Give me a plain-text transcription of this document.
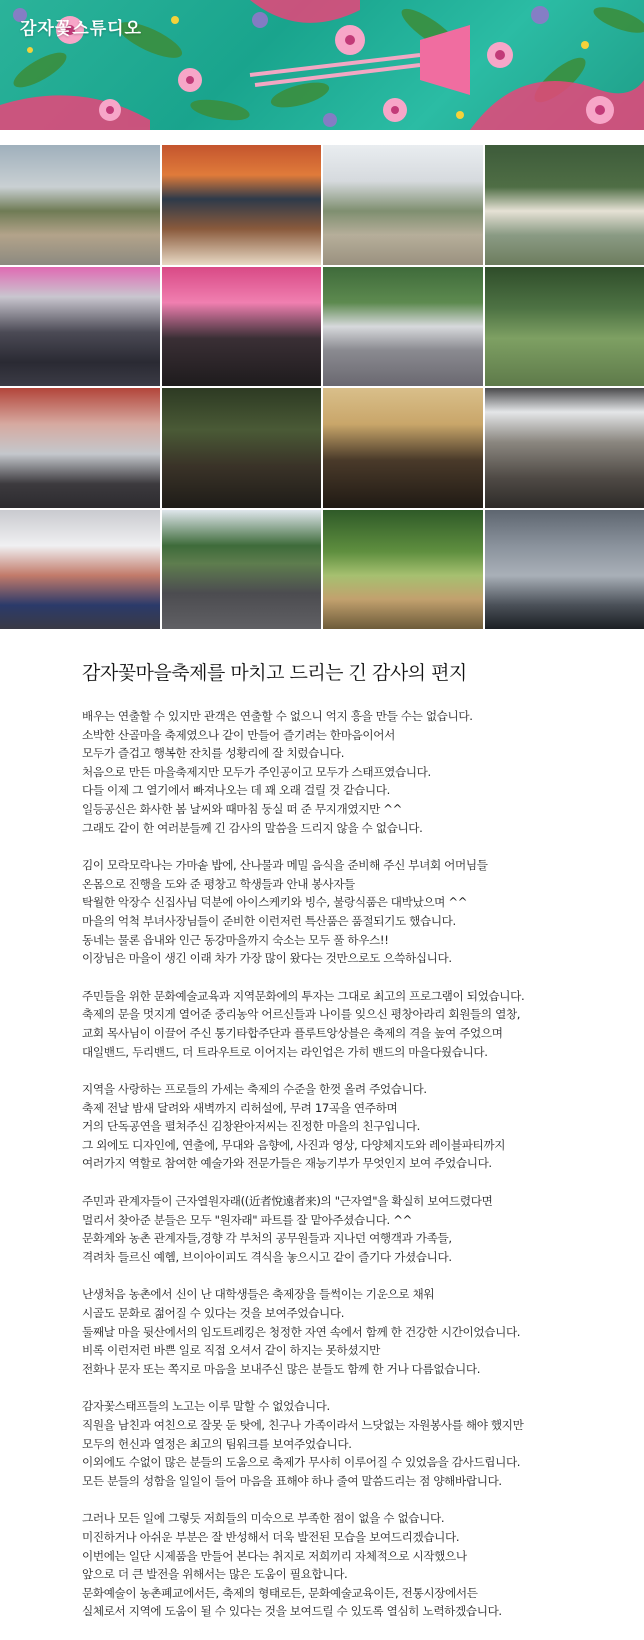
감자꽃스튜디오
감자꽃마을축제를 마치고 드리는 긴 감사의 편지
배우는 연출할 수 있지만 관객은 연출할 수 없으니 억지 흥을 만들 수는 없습니다.
소박한 산골마을 축제였으나 같이 만들어 즐기려는 한마음이어서
모두가 즐겁고 행복한 잔치를 성황리에 잘 치렀습니다.
처음으로 만든 마을축제지만 모두가 주인공이고 모두가 스태프였습니다.
다들 이제 그 열기에서 빠져나오는 데 꽤 오래 걸릴 것 같습니다.
일등공신은 화사한 봄 날씨와 때마침 둥실 떠 준 무지개였지만 ^^
그래도 같이 한 여러분들께 긴 감사의 말씀을 드리지 않을 수 없습니다.
김이 모락모락나는 가마솥 밥에, 산나물과 메밀 음식을 준비해 주신 부녀회 어머님들
온몸으로 진행을 도와 준 평창고 학생들과 안내 봉사자들
탁월한 악장수 신집사님 덕분에 아이스케키와 빙수, 불랑식품은 대박났으며 ^^
마을의 억척 부녀사장님들이 준비한 이런저런 특산품은 품절되기도 했습니다.
동네는 물론 읍내와 인근 동강마을까지 숙소는 모두 풀 하우스!!
이장님은 마을이 생긴 이래 차가 가장 많이 왔다는 것만으로도 으쓱하십니다.
주민들을 위한 문화예술교육과 지역문화에의 투자는 그대로 최고의 프로그램이 되었습니다.
축제의 문을 멋지게 열어준 중리농악 어르신들과 나이를 잊으신 평창아라리 회원들의 열창,
교회 목사님이 이끌어 주신 통기타합주단과 플루트앙상블은 축제의 격을 높여 주었으며
대일밴드, 두리밴드, 더 트라우트로 이어지는 라인업은 가히 밴드의 마을다웠습니다.
지역을 사랑하는 프로들의 가세는 축제의 수준을 한껏 올려 주었습니다.
축제 전날 밤새 달려와 새벽까지 리허설에, 무려 17곡을 연주하며
거의 단독공연을 펼쳐주신 김창완아저씨는 진정한 마을의 친구입니다.
그 외에도 디자인에, 연출에, 무대와 음향에, 사진과 영상, 다양체지도와 레이블파티까지
여러가지 역할로 참여한 예술가와 전문가들은 재능기부가 무엇인지 보여 주었습니다.
주민과 관계자들이 근자열원자래((近者悅遠者来)의 "근자열"을 확실히 보여드렸다면
멀리서 찾아준 분들은 모두 "원자래" 파트를 잘 맡아주셨습니다. ^^
문화계와 농촌 관계자들,경향 각 부처의 공무원들과 지나던 여행객과 가족들,
격려차 들르신 예헴, 브이아이피도 격식을 놓으시고 같이 즐기다 가셨습니다.
난생처음 농촌에서 신이 난 대학생들은 축제장을 들썩이는 기운으로 채워
시골도 문화로 젊어질 수 있다는 것을 보여주었습니다.
둘째날 마을 뒷산에서의 임도트레킹은 청정한 자연 속에서 함께 한 건강한 시간이었습니다.
비록 이런저런 바쁜 일로 직접 오셔서 같이 하지는 못하셨지만
전화나 문자 또는 쪽지로 마음을 보내주신 많은 분들도 함께 한 거나 다름없습니다.
감자꽃스태프들의 노고는 이루 말할 수 없었습니다.
직원을 남친과 여친으로 잘못 둔 탓에, 친구나 가족이라서 느닷없는 자원봉사를 해야 했지만
모두의 헌신과 열정은 최고의 팀워크를 보여주었습니다.
이외에도 수없이 많은 분들의 도움으로 축제가 무사히 이루어질 수 있었음을 감사드립니다.
모든 분들의 성함을 일일이 들어 마음을 표해야 하나 줄여 말씀드리는 점 양해바랍니다.
그러나 모든 일에 그렇듯 저희들의 미숙으로 부족한 점이 없을 수 없습니다.
미진하거나 아쉬운 부분은 잘 반성해서 더욱 발전된 모습을 보여드리겠습니다.
이번에는 일단 시제품을 만들어 본다는 취지로 저희끼리 자체적으로 시작했으나
앞으로 더 큰 발전을 위해서는 많은 도움이 필요합니다.
문화예술이 농촌폐교에서든, 축제의 형태로든, 문화예술교육이든, 전통시장에서든
실체로서 지역에 도움이 될 수 있다는 것을 보여드릴 수 있도록 열심히 노력하겠습니다.
